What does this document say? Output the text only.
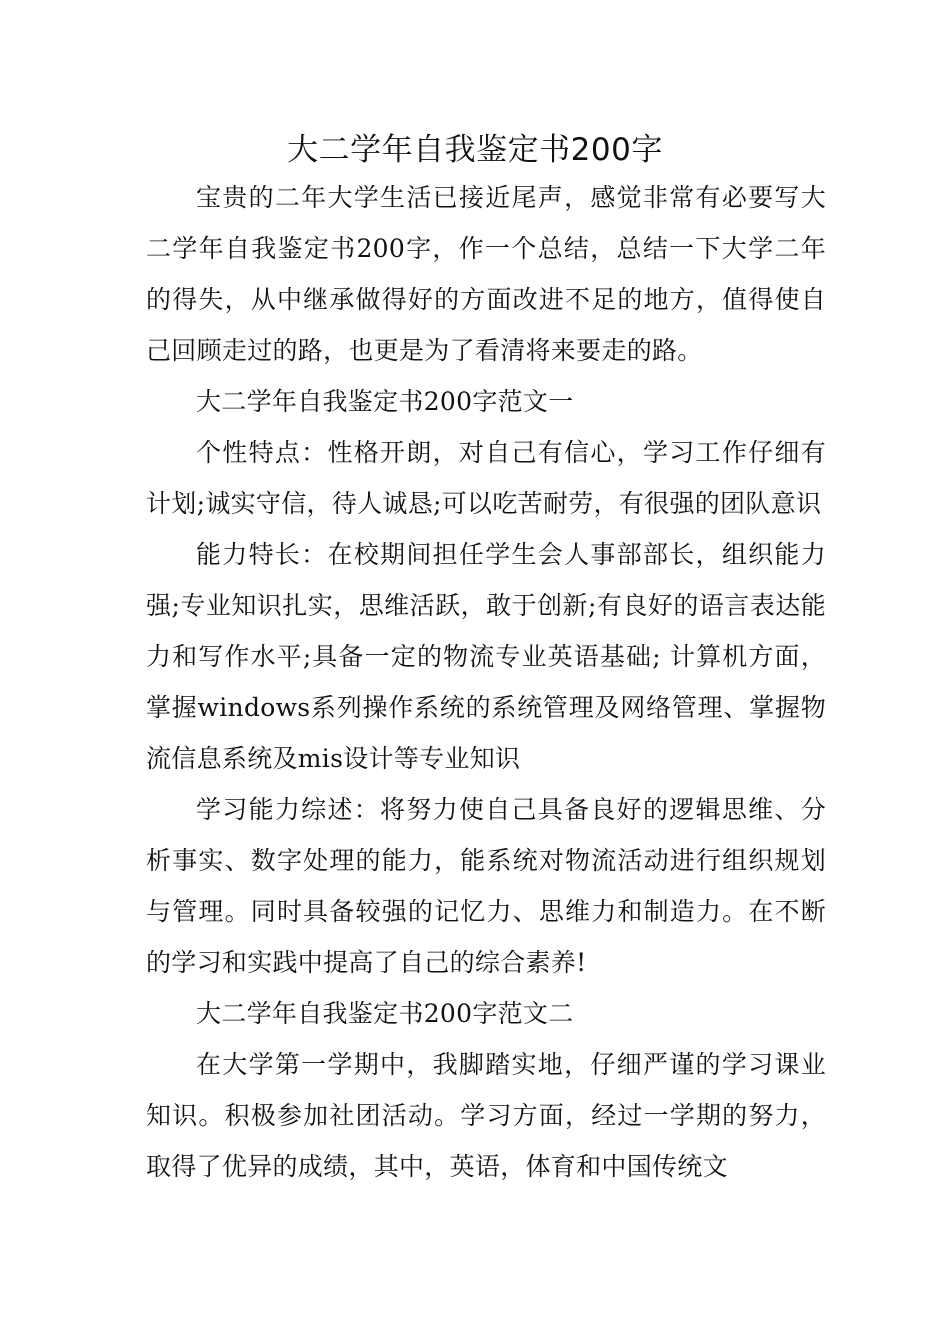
大二学年自我鉴定书200字

宝贵的二年大学生活已接近尾声，感觉非常有必要写大二学年自我鉴定书200字，作一个总结，总结一下大学二年的得失，从中继承做得好的方面改进不足的地方，值得使自己回顾走过的路，也更是为了看清将来要走的路。

大二学年自我鉴定书200字范文一

个性特点：性格开朗，对自己有信心，学习工作仔细有计划;诚实守信，待人诚恳;可以吃苦耐劳，有很强的团队意识

能力特长：在校期间担任学生会人事部部长，组织能力强;专业知识扎实，思维活跃，敢于创新;有良好的语言表达能力和写作水平;具备一定的物流专业英语基础; 计算机方面，掌握windows系列操作系统的系统管理及网络管理、掌握物流信息系统及mis设计等专业知识

学习能力综述：将努力使自己具备良好的逻辑思维、分析事实、数字处理的能力，能系统对物流活动进行组织规划与管理。同时具备较强的记忆力、思维力和制造力。在不断的学习和实践中提高了自己的综合素养!

大二学年自我鉴定书200字范文二

在大学第一学期中，我脚踏实地，仔细严谨的学习课业知识。积极参加社团活动。学习方面，经过一学期的努力，取得了优异的成绩，其中，英语，体育和中国传统文
